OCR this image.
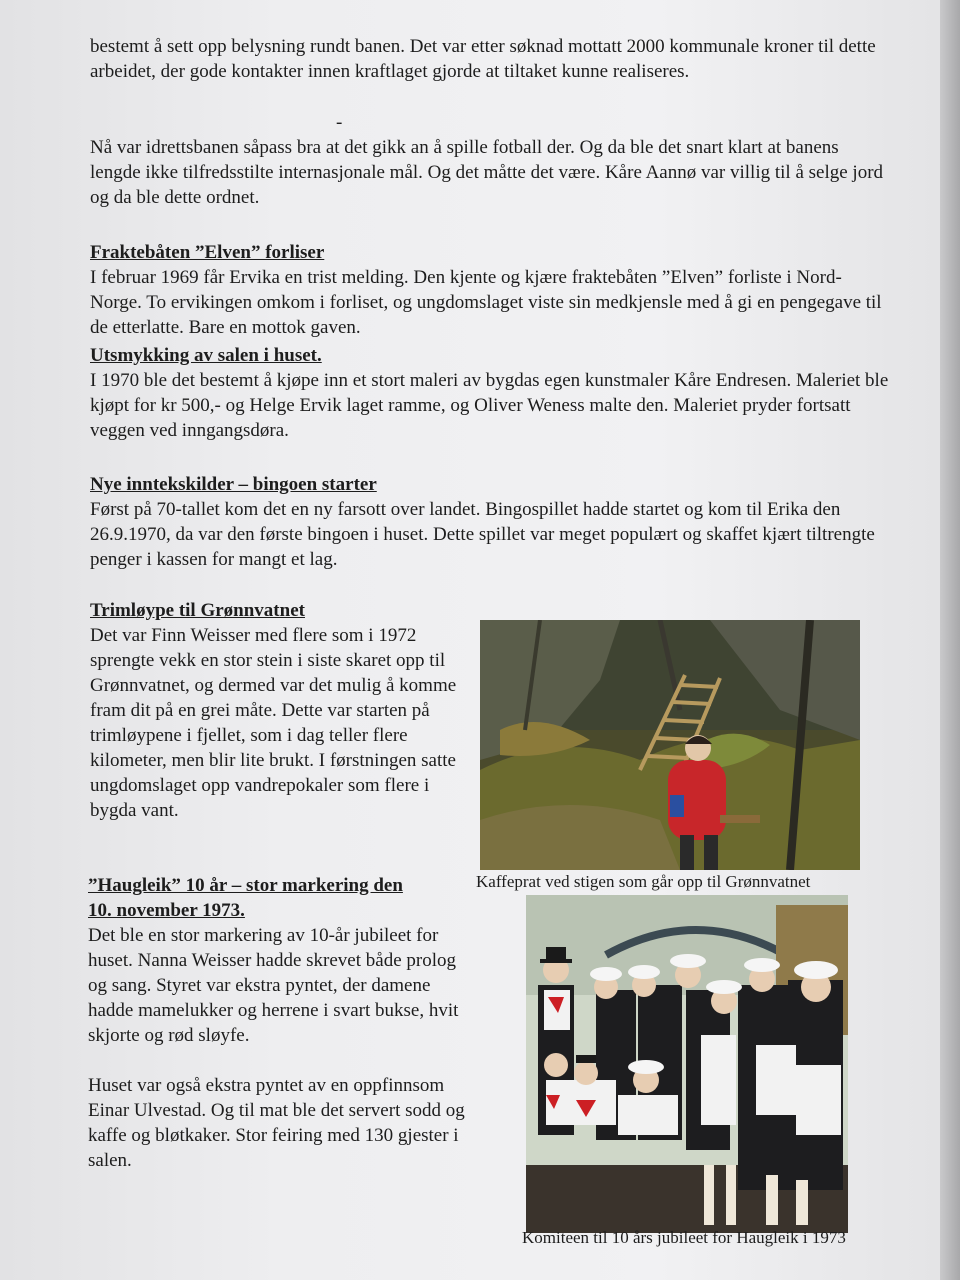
bestemt å sett opp belysning rundt banen. Det var etter søknad mottatt 2000 kommunale kroner til dette arbeidet, der gode kontakter innen kraftlaget gjorde at tiltaket kunne realiseres.

-

Nå var idrettsbanen såpass bra at det gikk an å spille fotball der. Og da ble det snart klart at banens lengde ikke tilfredsstilte internasjonale mål. Og det måtte det være. Kåre Aannø var villig til å selge jord og da ble dette ordnet.

Fraktebåten ”Elven” forliser

I februar 1969 får Ervika en trist melding. Den kjente og kjære fraktebåten ”Elven” forliste i Nord-Norge. To ervikingen omkom i forliset, og ungdomslaget viste sin medkjensle med å gi en pengegave til de etterlatte. Bare en mottok gaven.

Utsmykking av salen i huset.

I 1970 ble det bestemt å kjøpe inn et stort maleri av bygdas egen kunstmaler Kåre Endresen. Maleriet ble kjøpt for kr 500,- og Helge Ervik laget ramme, og Oliver Weness malte den. Maleriet pryder fortsatt veggen ved inngangsdøra.

Nye inntekskilder – bingoen starter

Først på 70-tallet kom det en ny farsott over landet. Bingospillet hadde startet og kom til Erika den 26.9.1970, da var den første bingoen i huset. Dette spillet var meget populært og skaffet kjært tiltrengte penger i kassen for mangt et lag.

Trimløype til Grønnvatnet

Det var Finn Weisser med flere som i 1972 sprengte vekk en stor stein i siste skaret opp til Grønnvatnet, og dermed var det mulig å komme fram dit på en grei måte. Dette var starten på trimløypene i fjellet, som i dag teller flere kilometer, men blir lite brukt. I førstningen satte ungdomslaget opp vandrepokaler som flere i bygda vant.

”Haugleik” 10 år – stor markering den

10. november 1973.

Det ble en stor markering av 10-år jubileet for huset. Nanna Weisser hadde skrevet både prolog og sang. Styret var ekstra pyntet, der damene hadde mamelukker og herrene i svart bukse, hvit skjorte og rød sløyfe.

Huset var også ekstra pyntet av en oppfinnsom Einar Ulvestad. Og til mat ble det servert sodd og kaffe og bløtkaker. Stor feiring med 130 gjester i salen.

Kaffeprat ved stigen som går opp til Grønnvatnet
Komiteen til 10 års jubileet for Haugleik i 1973
